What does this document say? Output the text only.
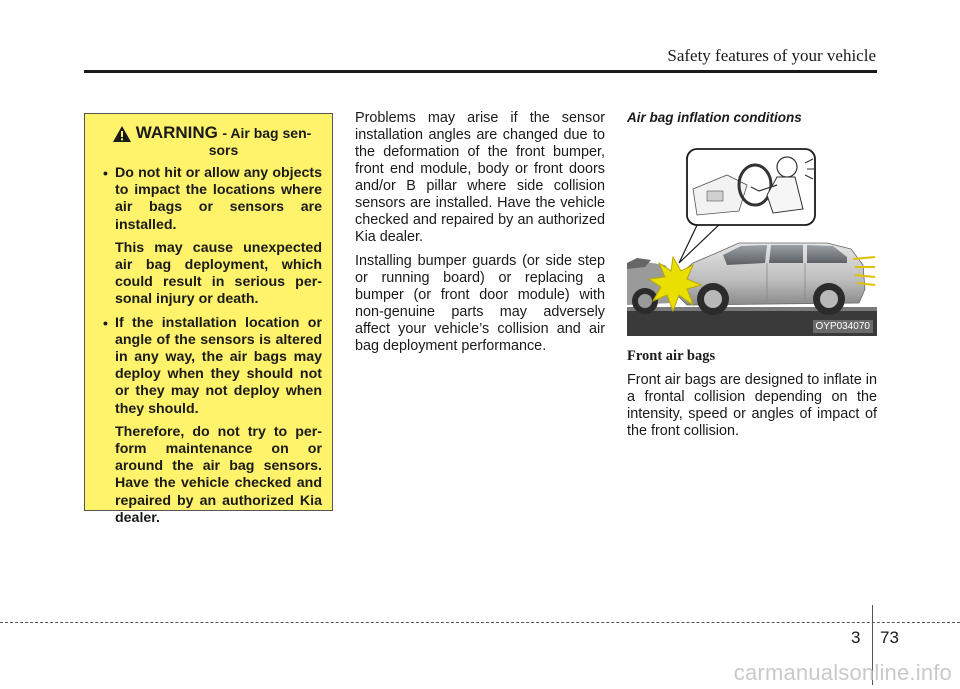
Safety features of your vehicle
WARNING - Air bag sen-
sors

• Do not hit or allow any objects to impact the locations where air bags or sensors are installed.

This may cause unexpected air bag deployment, which could result in serious per-sonal injury or death.

• If the installation location or angle of the sensors is altered in any way, the air bags may deploy when they should not or they may not deploy when they should.

Therefore, do not try to per-form maintenance on or around the air bag sensors. Have the vehicle checked and repaired by an authorized Kia dealer.

Problems may arise if the sensor installation angles are changed due to the deformation of the front bumper, front end module, body or front doors and/or B pillar where side collision sensors are installed. Have the vehicle checked and repaired by an authorized Kia dealer.

Installing bumper guards (or side step or running board) or replacing a bumper (or front door module) with non-genuine parts may adversely affect your vehicle’s collision and air bag deployment performance.

Air bag inflation conditions
OYP034070
Front air bags

Front air bags are designed to inflate in a frontal collision depending on the intensity, speed or angles of impact of the front collision.

3 73
carmanualsonline.info
